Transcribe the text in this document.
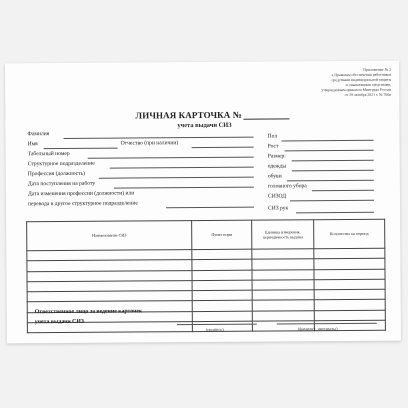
Приложение № 2
к Правилам обеспечения работников
средствами индивидуальной защиты
и смывающими средствами,
утвержденным приказом Минтруда России
от 29 октября 2021 г. № 766н
ЛИЧНАЯ КАРТОЧКА №
учета выдачи СИЗ
Фамилия
Имя	Отчество (при наличии)
Табельный номер
Структурное подразделение
Профессия (должность)
Дата поступления на работу
Дата изменения профессии (должности) или
перевода в другое структурное подразделение
Пол
Рост
Размер:
одежды
обуви
головного убора
СИЗОД
СИЗ рук
Наименование СИЗ	Пункт норм	Единица измерения, периодичность выдачи	Количество на период

Ответственное лицо за ведение карточек
учета выдачи СИЗ
(подпись)	(фамилия, инициалы)
